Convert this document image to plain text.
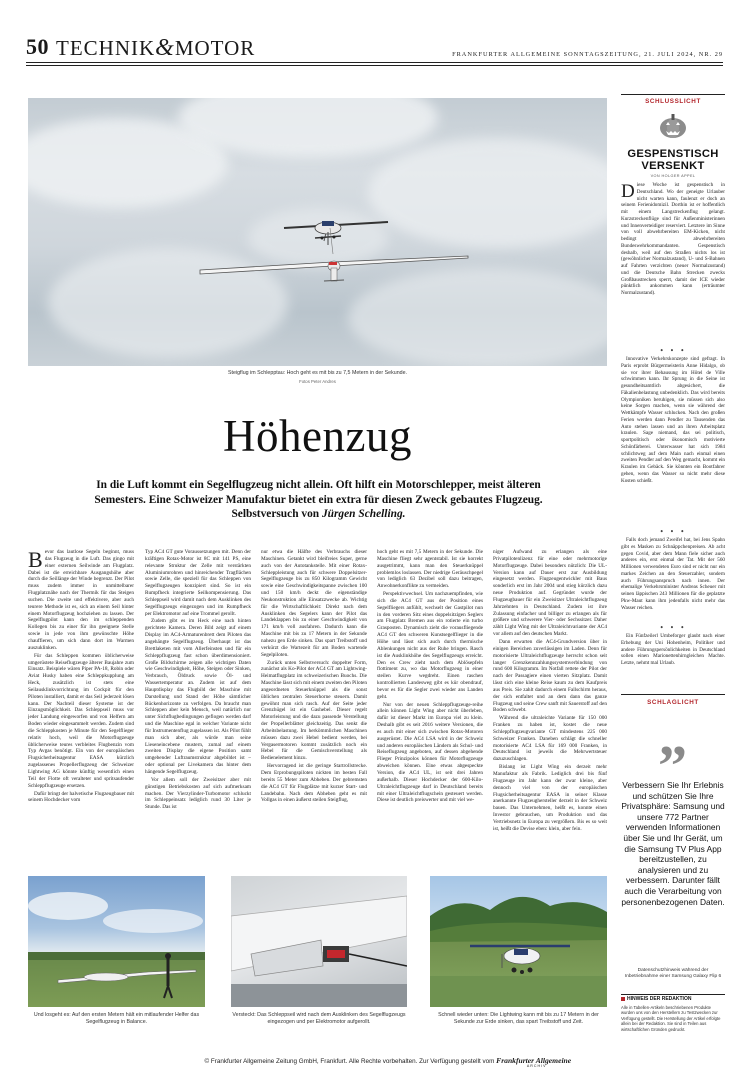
50 TECHNIK&MOTOR	FRANKFURTER ALLGEMEINE SONNTAGSZEITUNG, 21. JULI 2024, NR. 29
Steigflug im Schlepptau: Hoch geht es mit bis zu 7,5 Metern in der Sekunde.
Fotos Peter Andres
Höhenzug
In die Luft kommt ein Segelflugzeug nicht allein. Oft hilft ein Motorschlepper, meist älteren Semesters. Eine Schweizer Manufaktur bietet ein extra für diesen Zweck gebautes Flugzeug. Selbstversuch von Jürgen Schelling.
B evor das lautlose Segeln beginnt, muss das Flugzeug in die Luft. Das gingo mit einer externen Seilwinde am Flugplatz. Dabei ist die erreichbare Ausgangshöhe aber durch die Seillänge der Winde begrenzt. Der Pilot muss zudem immer in unmittelbarer Flugplatznähe nach der Thermik für das Steigen suchen. Die zweite und effektivere, aber auch teurere Methode ist es, sich an einem Seil hinter einem Motorflugzeug hochziehen zu lassen. Der Segelflugpilot kann den im schleppenden Kollegen bis zu einer für ihn geeignete Stelle sowie in jede von ihm gewünschte Höhe chauffieren, um sich dann dort im Warmen auszuklinken.

Für das Schleppen kommen üblicherweise umgerüstete Reiseflugzeuge älterer Baujahre zum Einsatz. Beispiele wären Piper PA-18, Robin oder Aviat Husky haben eine Schleppkupplung am Heck, zusätzlich ist stets eine Seilausklinkvorrichtung im Cockpit für den Piloten installiert, damit er das Seil jederzeit lösen kann. Der Nachteil dieser Systeme ist der Einzugsmöglichkeit. Das Schleppseil muss vor jeder Landung eingeworfen und von Helfern am Boden wieder eingesammelt werden. Zudem sind die Schleppkosten je Minute für den Segelflieger relativ hoch, weil die Motorflugzeuge üblicherweise teures verbleites Flugbenzin vom Typ Avgas benötigt. Ein von der europäischen Flugsicherheitsagentur EASA kürzlich zugelassenes Propellerflugzeug der Schweizer Lightwing AG könnte künftig wesentlich einen Teil der Flotte oft veralteter und spritsaufender Schleppflugzeuge ersetzen.

Dafür bringt der halvetische Flugzeugbauer mit seinem Hochdecker vom

Typ AC4 GT gute Voraussetzungen mit. Denn der kräftigen Rotax-Motor ist 8C mit 141 PS, eine relevante Struktur der Zelle mit verstärkten Aluminiumrohren und hinreichender Tragflächen sowie Zelle, die speziell für das Schleppen von Segelflugzeugen konzipiert sind. So ist ein Rumpfheck integrierte Seilkompensierung. Das Schleppseil wird damit nach dem Ausklinken des Segelflugzeugs eingezogen und im Rumpfheck per Elektromotor auf eine Trommel gerollt.

Zudem gibt es im Heck eine nach hinten gerichtete Kamera. Deren Bild zeigt auf einem Display im AC4-Armaturenbrett dem Piloten das angehängte Segelflugzeug. Überhaupt ist das Brettlaketen mit vom Allerfeinsten und für ein Schleppflugzeug fast schon überdimensioniert. Große Bildschirme zeigen alle wichtigen Daten wie Geschwindigkeit, Höhe, Steigen oder Sinken, Verbrauch, Öldruck sowie Öl- und Wassertemperatur an. Zudem ist auf dem Hauptdisplay das Flugbild der Maschine mit Darstellung und Stand der Höhe sämtlicher Rückenhorizonte zu verfolgen. Da braucht man Schleppen aber kein Mensch, weil natürlich nur unter Sichtflugbedingungen geflogen werden darf und die Maschine egal in welcher Variante nicht für Instrumentenflug zugelassen ist. Als Pilot fühlt man sich aber, als würde man seine Lieseneincebene mustern, zumal auf einem zweiten Display die eigene Position samt umgebender Luftraumstruktur abgebildet ist – oder optional per Livekamera das hinter dem hängende Segelflugzeug.

Vor allem soll der Zweisitzer aber mit günstigen Betriebskosten auf sich aufmerksam machen. Der Vierzylinder-Turbomotor schluckt im Schleppeinsatz lediglich rund 30 Liter je Stunde. Das ist

nur etwa die Hälfte des Verbrauchs dieser Maschinen. Getankt wird bleifreies Super, gerne auch von der Autotankstelle. Mit einer Rotax-Schleppleistung auch für schwere Doppelsitzer-Segelflugzeuge bis zu 850 Kilogramm Gewicht sowie eine Geschwindigkeitspanne zwischen 100 und 150 km/h deckt die eigenständige Neukonstruktion alle Einsatzzwecke ab. Wichtig für die Wirtschaftlichkeit: Direkt nach dem Ausklinken des Segelers kann der Pilot das Landeklappen bis zu einer Geschwindigkeit von 171 km/h voll ausfahren. Dadurch kann die Maschine mit bis zu 17 Metern in der Sekunde nahezu gen Erde sinken. Das spart Treibstoff und verkürzt die Wartezeit für am Boden wartende Segelpiloten.

Zurück unten Selbstversuch: doppelter Form, zunächst als Ko-Pilot der AC4 GT am Lightwing-Heimatflugplatz im schweizerischen Buochs. Die Maschine lässt sich mit einem zweiten den Piloten angeordneten Steuerknüppel als die sonst üblichen zentralen Steuerhorne steuern. Damit gewöhnt man sich rasch. Auf der Seite jeder Grenzhügel ist ein Gashebel. Dieser regelt Motorleistung und die dazu passende Verstellung der Propellerblätter gleichzeitig. Das senkt die Arbeitsbelastung. Im herkömmlichen Maschinen müssen dazu zwei Hebel bedient werden, bei Vergasermotoren kommt zusätzlich noch ein Hebel für die Gemischverstellung als Bedienelement hinzu.

Hervorragend ist die geringe Startrollstrecke. Dem Erprobungspiloten nickten im besten Fall bereits 55 Meter zum Abheben. Der gebremsten die AC4 GT für Flugplätze mit kurzer Start- und Landebahn. Nach dem Abheben geht es mit Vollgas in einen äußerst steilen Steigflug,

hoch geht es mit 7,5 Metern in der Sekunde. Die Maschine fliegt sehr agentstabil. Ist sie korrekt ausgetrimmt, kann man den Steuerknüppel problemlos loslassen. Der niedrige Geräuschpegel von lediglich 63 Dezibel soll dazu beitragen, Anwohnerkonflikte zu vermeiden.

Perspektivwechsel. Um nachzuempfinden, wie sich die AC4 GT aus der Position eines Segelfliegers anfühlt, wechselt der Gastpilot nun in den vorderen Sitz eines doppelsitzigen Seglers am Flugplatz Bremen aus ein rotierte ein turbo Grasposten. Dynamisch zieht die vorausfliegende AC4 GT den schweren Kunstsegelflieger in die Höhe und lässt sich auch durch thermische Ablenkungen nicht aus der Ruhe bringen. Rasch ist die Ausklinkhöhe des Segelflugzeugs erreicht. Den es Crew zieht nach dem Ablösepfeln flottiment zu, wo das Motorflugzeug in einer steilen Kurve wegdreht. Einen raschen kontrollierten Landesweg gibt es kür obendrauf, bevor es für die Segler zwei wieder ans Landen geht.

Nur von der neuen Schleppflugzeuge-reihe allein können Light Wing aber nicht überleben, dafür ist dieser Markt im Europa viel zu klein. Deshalb gibt es seit 2016 weitere Versionen, die es auch mit einer sich zwischen Rotax-Motoren ausgerüstet. Die AC4 LSA wird in der Schweiz und anderen europäischen Ländern als Schul- und Reiseflugzeug angeboten, auf dessen abgehende Flieger Prinzipolos können für Motorflugzeuge abweichen können. Eine etwas abgespeckte Version, die AC4 UL, ist seit drei Jahren außerhalb. Dieser Hochdecker der 600-Kilo-Ultraleichtflugzeuge darf in Deutschland bereits mit einer Ultraleichtflugschein gesteuert werden. Diese ist deutlich preiswerter und mit viel we-

niger Aufwand zu erlangen als eine Privatpilotenlizenz für eine oder mehrmotorige Motorflugzeuge. Dabei besonders nützlich: Die UL-Version kann auf Dauer erst zur Ausbildung eingesetzt werden. Flugzeugentwickler mit Baus sonderlich erst im Jahr 2004 und stieg kürzlich dazu neue Produktion auf. Gegründet wurde der Flugzeugbauer für ein Zweisitzer Ultraleichtflugzeug Jahrzehnten in Deutschland. Zudem ist ihre Zulassung einfacher und billiger zu erlangen als für größere und schwerere Vier- oder Sechssitzer. Daher zählt Light Wing mit der Ultraleichtvariante der AC4 vor allem auf den deutschen Markt.

Dann erwarten die AC4-Grundversion über in einigen Bereichen zuverlässigen im Laden. Denn für motorisierte Ultraleichtflugzeuge herrscht schon seit langer Grenzkennzahlungssystemverbindung von rund 600 Kilogramm. Im Notfall rettete der Pilot der nach der Passagiere einen vierten Sitzplatz. Damit lässt sich eine kleine Reise kaum zu dem Kaufpreis aus Preis. Sie zahlt dadurch einem Fallschirm heraus, der sich entfaltet und an dem dann das ganze Flugzeug und seine Crew sanft mit Sauerstoff auf den Boden schwebt.

Während die ultraleichte Variante für 150 000 Franken zu haben ist, kostet die neue Schleppflugzeugvariante GT mindestens 225 000 Schweizer Franken. Daneben schlägt die schneller motorisierte AC4 LSA für 169 000 Franken, in Deutschland ist jeweils die Mehrwertsteuer dazuzuschlagen.

Bislang ist Light Wing ein derzeit mehr Manufaktur als Fabrik. Lediglich drei bis fünf Flugzeuge im Jahr kann der zwar kleine, aber dennoch viel von der europäischen Flugsicherheitsagentur EASA in seiner Klasse anerkannte Flugzeughersteller derzeit in der Schweiz bauen. Das Unternehmen, heißt es, konnte einen Investor gebrauchen, um Produktion und das Vertriebsnetz in Europa zu vergrößern. Bis es so weit ist, heißt die Devise eben: klein, aber fein.

Und losgeht es: Auf den ersten Metern hält ein mitlaufender Helfer das Segelflugzeug in Balance.
Versteckt: Das Schleppseil wird nach dem Ausklinken des Segelflugzeugs eingezogen und per Elektromotor aufgerollt.
Schnell wieder unten: Die Lightwing kann mit bis zu 17 Metern in der Sekunde zur Erde sinken, das spart Treibstoff und Zeit.
SCHLUSSLICHT
GESPENSTISCH VERSENKT
VON HOLGER APPEL
D iese Woche ist gespenstisch in Deutschland. Wo der geneigte Urlauber nicht warten kann, faulenzt er doch an seinem Ferienidomizil. Dorthin ist er hoffentlich mit einem Langstreckenflug gelangt. Kurzstreckenflüge sind für Außenministerinnen und Innenverteidiger reserviert. Letztere im Sinne von voll abwehrbereiten EM-Kicken, nicht bedingt abwehrbereiten Bundeswehrkommandanten. Gespenstisch deshalb, weil auf den Straßen nichts los ist (gewöhnlicher Normalzustand), U- und S-Bahnen auf Fahrten verzichten (neuer Normalzustand) und die Deutsche Bahn Strecken zwecks Großbaustrecken sperrt, damit der ICE wieder pünktlich ankommen kann (erträumter Normalzustand).

• • •

Innovative Verkehrskonzepte sind gefragt. In Paris erprobt Bürgermeisterin Anne Hidalgo, ob sie vor ihrer Behausung im Hôtel de Ville schwimmen kann. Ihr Sprung in die Seine ist gesundheitsamtlich abgesichert, die Fäkalienbelastung unbedenklich. Das wird bereits Olympioniken beruhigen, sie müssen sich also keine Sorgen machen, wenn sie während der Wettkämpfe Wasser schlucken. Nach den großen Ferien werden dann Pendler zu Tausenden das Auto stehen lassen und an ihren Arbeitsplatz kraulen. Sage niemand, das sei politisch, sportpolitisch oder ökonomisch motivierte Schönfärberei. Unterwasser hat sich 1984 schlichtweg auf dem Main nach einmal einen zweiten Pendler auf den Weg gemacht, kommt ein Kraulen im Gebäck. Sie könnten ein Bootfahrer gehen, wenn das Wasser so nicht mehr diese Kosten schießt.

• • •

Falls doch jemand Zweifel hat, bei Jens Spahn gibt es Masken zu Schnäppchenpreisen. Ab acht gegen Covid, aber dem Mann fiele sicher auch anderes ein, erst einmal der Tat. Mit der 560 Millionen verwendeten Euro sind er nicht nur ein markes Zeichen an den Steuerzahler, sondern auch Führungsanspruch nach innen. Der ehemalige Verkehrsminister Andreas Scheuer mit seinen läppischen 243 Millionen für die geplatzte Pkw-Maut kann ihm jedenfalls nicht mehr das Wasser reichen.

• • •

Ein Fünfzeilerl Umbeforger glaubt nach einer Erhebung der Uni Hohenheim, Politiker und andere Führungspersönlichkeiten in Deutschland sollen einen Marionettenhirngleichen Machte. Letzte, nehmt mal Urlaub.

SCHLAGLICHT
„
Verbessern Sie Ihr Erlebnis und schützen Sie Ihre Privatsphäre: Samsung und unsere 772 Partner verwenden Informationen über Sie und Ihr Gerät, um die Samsung TV Plus App bereitzustellen, zu analysieren und zu verbessern. Darunter fällt auch die Verarbeitung von personenbezogenen Daten.
Datenschutzhinweis während der Inbetriebnahme einer Samsung Galaxy Flip 6
HINWEIS DER REDAKTION
Alle in Tabellen-Artikeln beschriebenen Produkte wurden uns von den Herstellern zu Testzwecken zur Verfügung gestellt. Die Herstellung der Artikel erfolgte allein bei der Redaktion. Sie sind in Teilen aus wirtschaftlichen Gründen gedruckt.
© Frankfurter Allgemeine Zeitung GmbH, Frankfurt. Alle Rechte vorbehalten. Zur Verfügung gestellt vom Frankfurter Allgemeine ARCHIV
